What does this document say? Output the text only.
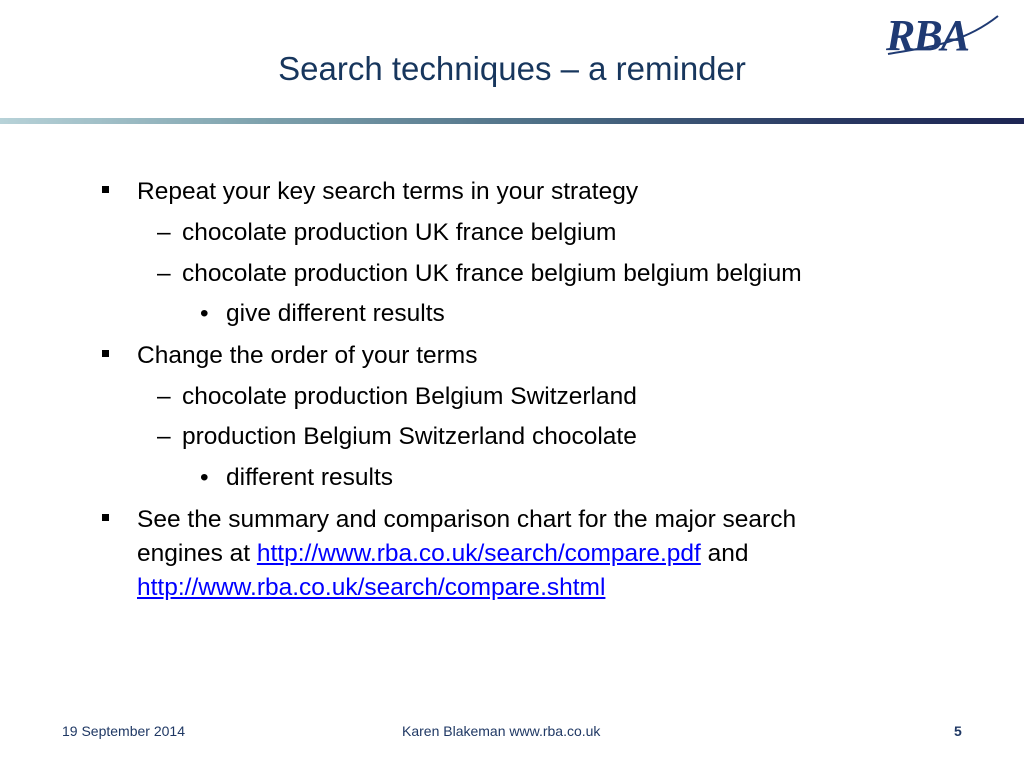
Search techniques – a reminder
RBA
Repeat your key search terms in your strategy
– chocolate production UK france belgium
– chocolate production UK france belgium belgium belgium
• give different results
Change the order of your terms
– chocolate production Belgium Switzerland
– production Belgium Switzerland chocolate
• different results
See the summary and comparison chart for the major search
engines at http://www.rba.co.uk/search/compare.pdf and
http://www.rba.co.uk/search/compare.shtml
19 September 2014	Karen Blakeman www.rba.co.uk	5
